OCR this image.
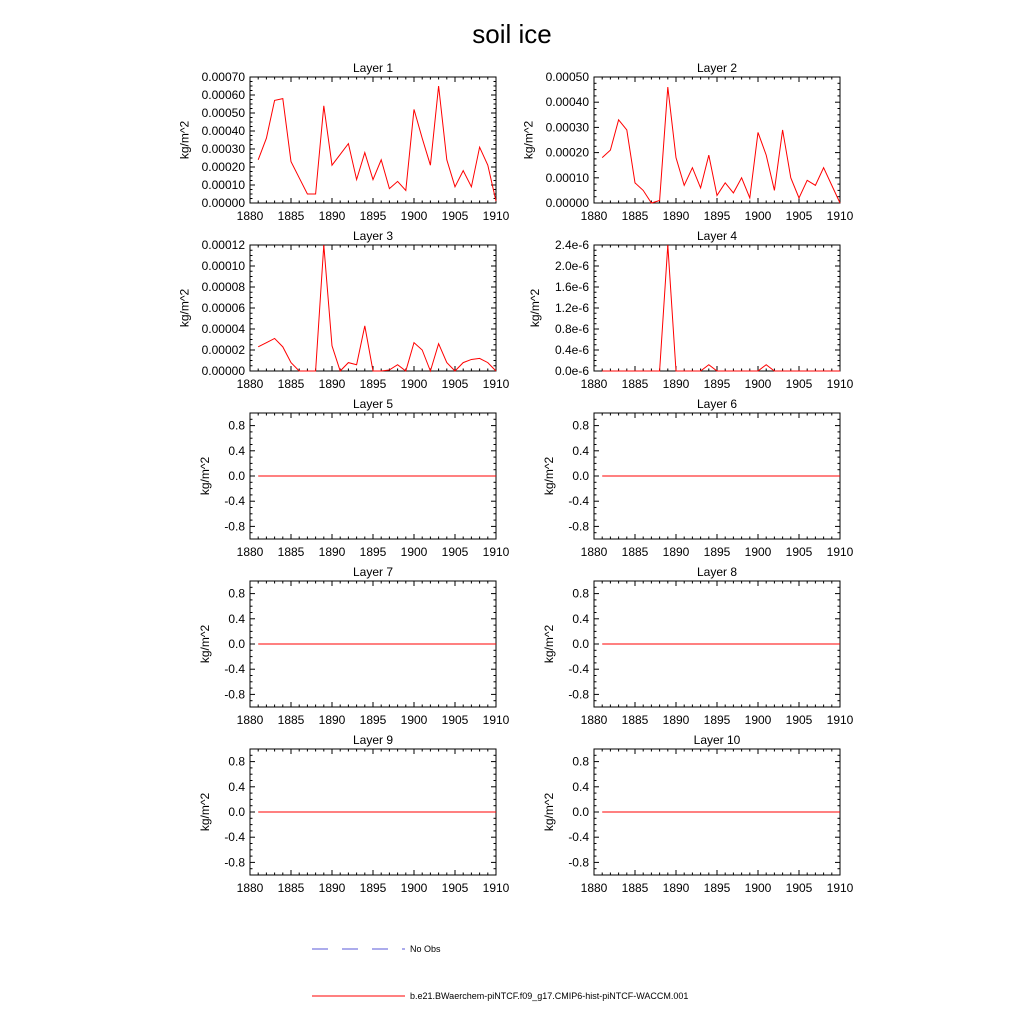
soil ice
Layer 1
1880 1885 1890 1895 1900 1905 1910
0.00000
0.00010
0.00020
0.00030
0.00040
0.00050
0.00060
0.00070
kg/m^2
Layer 2
1880 1885 1890 1895 1900 1905 1910
0.00000
0.00010
0.00020
0.00030
0.00040
0.00050
kg/m^2
Layer 3
1880 1885 1890 1895 1900 1905 1910
0.00000
0.00002
0.00004
0.00006
0.00008
0.00010
0.00012
kg/m^2
Layer 4
1880 1885 1890 1895 1900 1905 1910
0.0e-6
0.4e-6
0.8e-6
1.2e-6
1.6e-6
2.0e-6
2.4e-6
kg/m^2
Layer 5
1880 1885 1890 1895 1900 1905 1910
-0.8
-0.4
0.0
0.4
0.8
kg/m^2
Layer 6
1880 1885 1890 1895 1900 1905 1910
-0.8
-0.4
0.0
0.4
0.8
kg/m^2
Layer 7
1880 1885 1890 1895 1900 1905 1910
-0.8
-0.4
0.0
0.4
0.8
kg/m^2
Layer 8
1880 1885 1890 1895 1900 1905 1910
-0.8
-0.4
0.0
0.4
0.8
kg/m^2
Layer 9
1880 1885 1890 1895 1900 1905 1910
-0.8
-0.4
0.0
0.4
0.8
kg/m^2
Layer 10
1880 1885 1890 1895 1900 1905 1910
-0.8
-0.4
0.0
0.4
0.8
kg/m^2
No Obs
b.e21.BWaerchem-piNTCF.f09_g17.CMIP6-hist-piNTCF-WACCM.001
